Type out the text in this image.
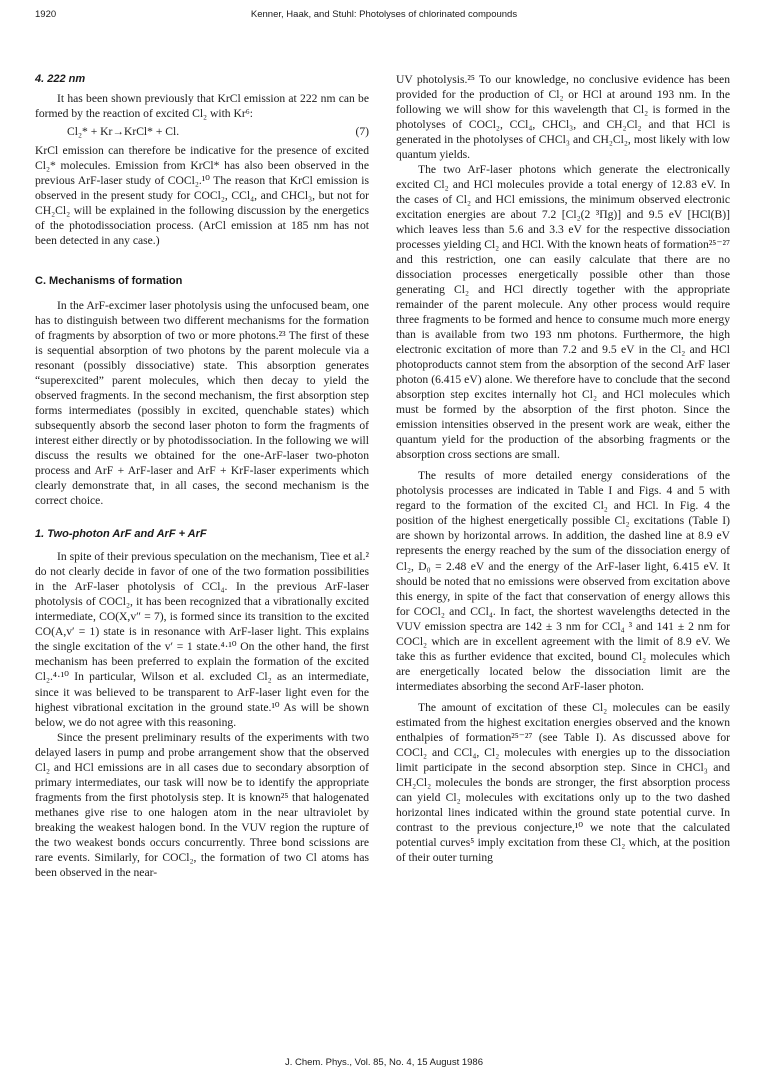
1920	Kenner, Haak, and Stuhl: Photolyses of chlorinated compounds
4. 222 nm

It has been shown previously that KrCl emission at 222 nm can be formed by the reaction of excited Cl₂ with Kr⁶:

Cl₂* + Kr→KrCl* + Cl.	(7)

KrCl emission can therefore be indicative for the presence of excited Cl₂* molecules. Emission from KrCl* has also been observed in the previous ArF-laser study of COCl₂.¹⁰ The reason that KrCl emission is observed in the present study for COCl₂, CCl₄, and CHCl₃, but not for CH₂Cl₂ will be explained in the following discussion by the energetics of the photodissociation process. (ArCl emission at 185 nm has not been detected in any case.)

C. Mechanisms of formation

In the ArF-excimer laser photolysis using the unfocused beam, one has to distinguish between two different mechanisms for the formation of fragments by absorption of two or more photons.²³ The first of these is sequential absorption of two photons by the parent molecule via a resonant (possibly dissociative) state. This absorption generates “superexcited” parent molecules, which then decay to yield the observed fragments. In the second mechanism, the first absorption step forms intermediates (possibly in excited, quenchable states) which subsequently absorb the second laser photon to form the fragments of interest either directly or by photodissociation. In the following we will discuss the results we obtained for the one-ArF-laser two-photon process and ArF + ArF-laser and ArF + KrF-laser experiments which clearly demonstrate that, in all cases, the second mechanism is the correct choice.

1. Two-photon ArF and ArF + ArF

In spite of their previous speculation on the mechanism, Tiee et al.² do not clearly decide in favor of one of the two formation possibilities in the ArF-laser photolysis of CCl₄. In the previous ArF-laser photolysis of COCl₂, it has been recognized that a vibrationally excited intermediate, CO(X,v″ = 7), is formed since its transition to the excited CO(A,v′ = 1) state is in resonance with ArF-laser light. This explains the single excitation of the v′ = 1 state.⁴·¹⁰ On the other hand, the first mechanism has been preferred to explain the formation of the excited Cl₂.⁴·¹⁰ In particular, Wilson et al. excluded Cl₂ as an intermediate, since it was believed to be transparent to ArF-laser light even for the highest vibrational excitation in the ground state.¹⁰ As will be shown below, we do not agree with this reasoning.

Since the present preliminary results of the experiments with two delayed lasers in pump and probe arrangement show that the observed Cl₂ and HCl emissions are in all cases due to secondary absorption of primary intermediates, our task will now be to identify the appropriate fragments from the first photolysis step. It is known²⁵ that halogenated methanes give rise to one halogen atom in the near ultraviolet by breaking the weakest halogen bond. In the VUV region the rupture of the two weakest bonds occurs concurrently. Three bond scissions are rare events. Similarly, for COCl₂, the formation of two Cl atoms has been observed in the near-

UV photolysis.²⁵ To our knowledge, no conclusive evidence has been provided for the production of Cl₂ or HCl at around 193 nm. In the following we will show for this wavelength that Cl₂ is formed in the photolyses of COCl₂, CCl₄, CHCl₃, and CH₂Cl₂ and that HCl is generated in the photolyses of CHCl₃ and CH₂Cl₂, most likely with low quantum yields.

The two ArF-laser photons which generate the electronically excited Cl₂ and HCl molecules provide a total energy of 12.83 eV. In the cases of Cl₂ and HCl emissions, the minimum observed electronic excitation energies are about 7.2 [Cl₂(2 ³Πg)] and 9.5 eV [HCl(B)] which leaves less than 5.6 and 3.3 eV for the respective dissociation processes yielding Cl₂ and HCl. With the known heats of formation²⁵⁻²⁷ and this restriction, one can easily calculate that there are no dissociation processes energetically possible other than those generating Cl₂ and HCl directly together with the appropriate remainder of the parent molecule. Any other process would require three fragments to be formed and hence to consume much more energy than is available from two 193 nm photons. Furthermore, the high electronic excitation of more than 7.2 and 9.5 eV in the Cl₂ and HCl photoproducts cannot stem from the absorption of the second ArF laser photon (6.415 eV) alone. We therefore have to conclude that the second absorption step excites internally hot Cl₂ and HCl molecules which must be formed by the absorption of the first photon. Since the emission intensities observed in the present work are weak, either the quantum yield for the production of the absorbing fragments or the absorption cross sections are small.

The results of more detailed energy considerations of the photolysis processes are indicated in Table I and Figs. 4 and 5 with regard to the formation of the excited Cl₂ and HCl. In Fig. 4 the position of the highest energetically possible Cl₂ excitations (Table I) are shown by horizontal arrows. In addition, the dashed line at 8.9 eV represents the energy reached by the sum of the dissociation energy of Cl₂, D₀ = 2.48 eV and the energy of the ArF-laser light, 6.415 eV. It should be noted that no emissions were observed from excitation above this energy, in spite of the fact that conservation of energy allows this for COCl₂ and CCl₄. In fact, the shortest wavelengths detected in the VUV emission spectra are 142 ± 3 nm for CCl₄ ³ and 141 ± 2 nm for COCl₂ which are in excellent agreement with the limit of 8.9 eV. We take this as further evidence that excited, bound Cl₂ molecules which are energetically located below the dissociation limit are the intermediates absorbing the second ArF-laser photon.

The amount of excitation of these Cl₂ molecules can be easily estimated from the highest excitation energies observed and the known enthalpies of formation²⁵⁻²⁷ (see Table I). As discussed above for COCl₂ and CCl₄, Cl₂ molecules with energies up to the dissociation limit participate in the second absorption step. Since in CHCl₃ and CH₂Cl₂ molecules the bonds are stronger, the first absorption process can yield Cl₂ molecules with excitations only up to the two dashed horizontal lines indicated within the ground state potential curve. In contrast to the previous conjecture,¹⁰ we note that the calculated potential curves⁵ imply excitation from these Cl₂ which, at the position of their outer turning

J. Chem. Phys., Vol. 85, No. 4, 15 August 1986
